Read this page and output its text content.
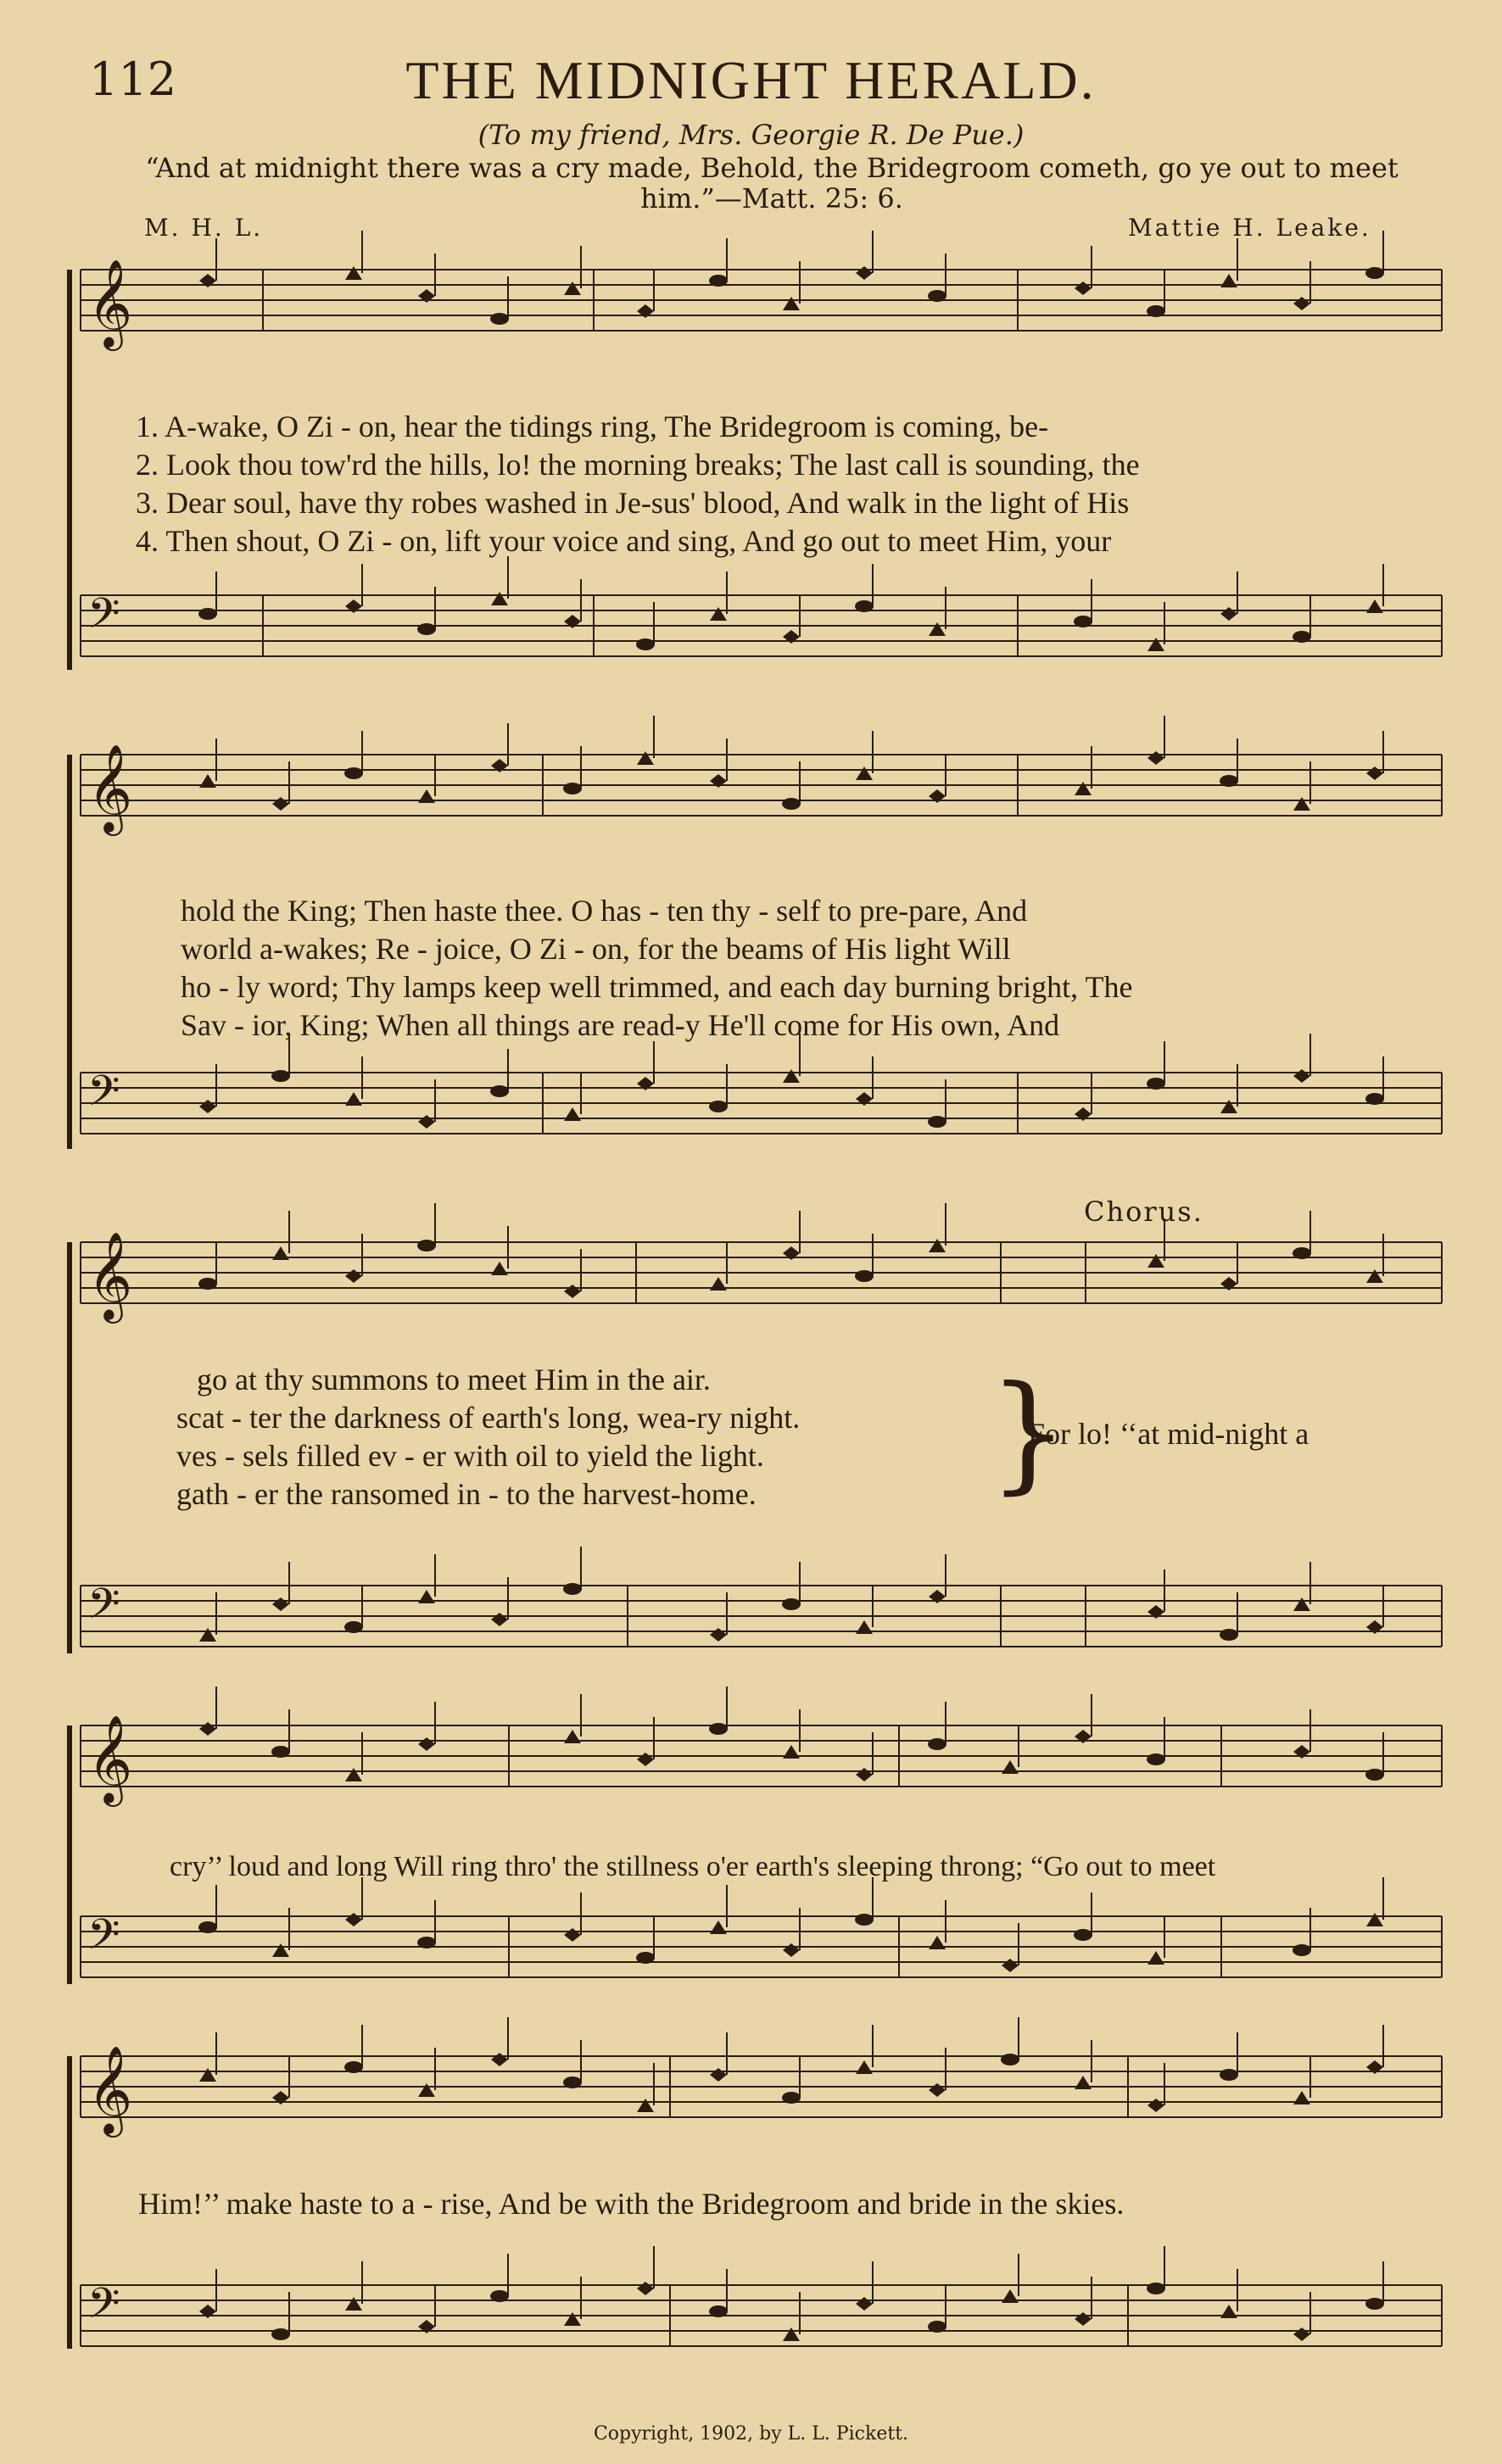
112	THE MIDNIGHT HERALD.
(To my friend, Mrs. Georgie R. De Pue.)
“And at midnight there was a cry made, Behold, the Bridegroom cometh, go ye out to meet him.”—Matt. 25: 6.
M. H. L.	Mattie H. Leake.
𝄞
𝄢
𝄞
𝄢
𝄞
𝄢
𝄞
𝄢
𝄞
𝄢
1. A-wake, O Zi - on, hear the tidings ring, The Bridegroom is coming, be-
2. Look thou tow'rd the hills, lo! the morning breaks; The last call is sounding, the
3. Dear soul, have thy robes washed in Je-sus' blood, And walk in the light of His
4. Then shout, O Zi - on, lift your voice and sing, And go out to meet Him, your
hold the King; Then haste thee. O has - ten thy - self to pre-pare, And
world a-wakes; Re - joice, O Zi - on, for the beams of His light Will
ho - ly word; Thy lamps keep well trimmed, and each day burning bright, The
Sav - ior, King; When all things are read-y He'll come for His own, And
Chorus.
go at thy summons to meet Him in the air.
scat - ter the darkness of earth's long, wea-ry night.
ves - sels filled ev - er with oil to yield the light.
gath - er the ransomed in - to the harvest-home. }
For lo! ‘‘at mid-night a
cry’’ loud and long Will ring thro' the stillness o'er earth's sleeping throng; “Go out to meet
Him!’’ make haste to a - rise, And be with the Bridegroom and bride in the skies.
Copyright, 1902, by L. L. Pickett.
